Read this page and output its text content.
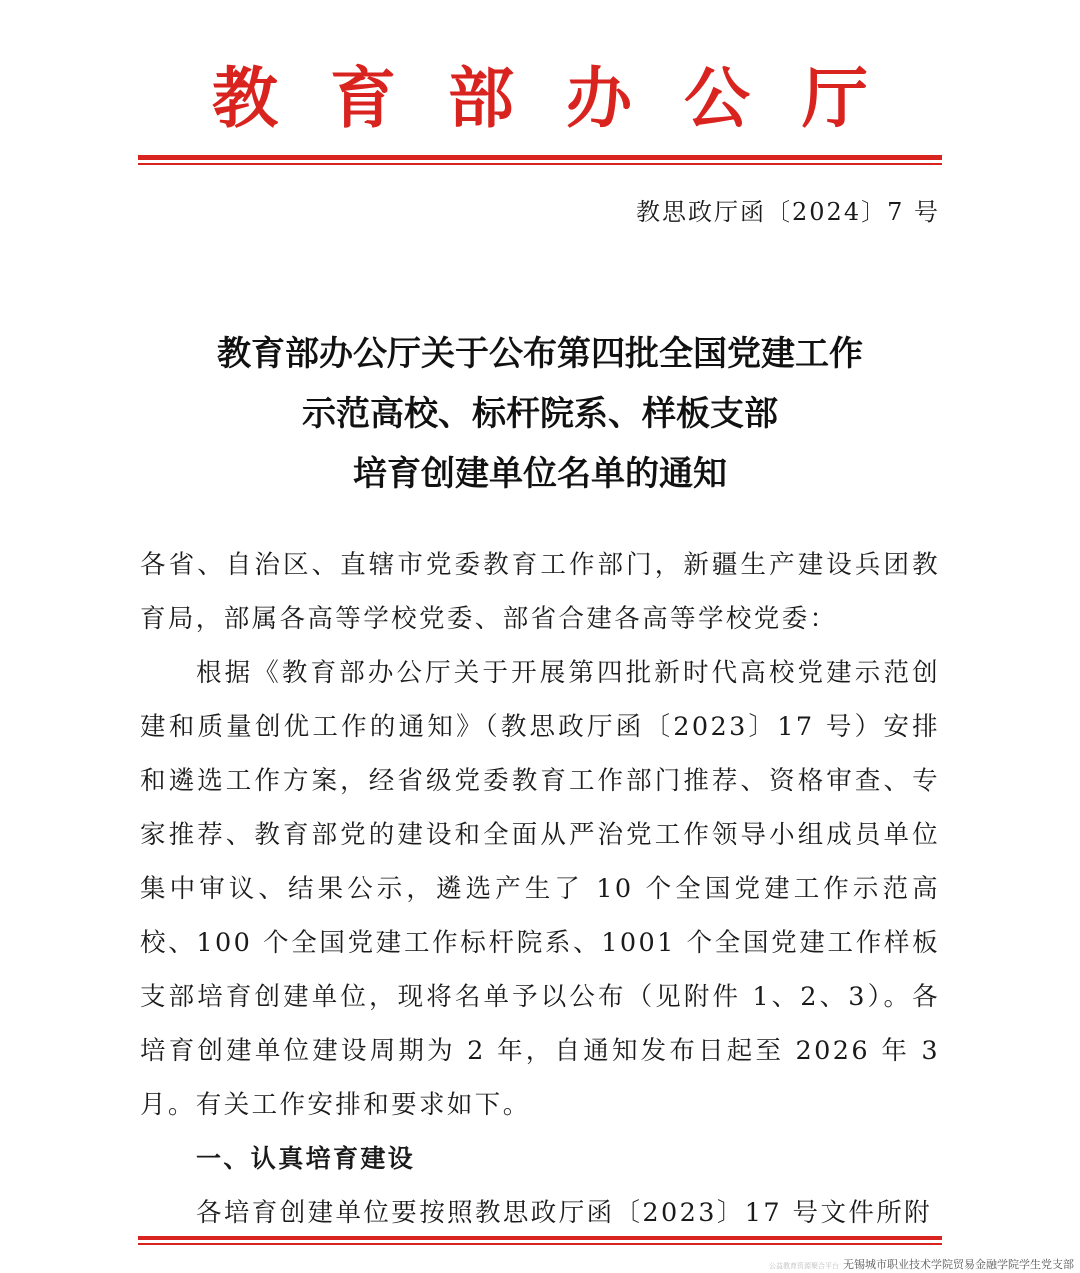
教育部办公厅
教思政厅函〔2024〕7 号
教育部办公厅关于公布第四批全国党建工作
示范高校、标杆院系、样板支部
培育创建单位名单的通知

各省、自治区、直辖市党委教育工作部门，新疆生产建设兵团教育局，部属各高等学校党委、部省合建各高等学校党委：

根据《教育部办公厅关于开展第四批新时代高校党建示范创建和质量创优工作的通知》（教思政厅函〔2023〕17 号）安排和遴选工作方案，经省级党委教育工作部门推荐、资格审查、专家推荐、教育部党的建设和全面从严治党工作领导小组成员单位集中审议、结果公示，遴选产生了 10 个全国党建工作示范高校、100 个全国党建工作标杆院系、1001 个全国党建工作样板支部培育创建单位，现将名单予以公布（见附件 1、2、3）。各培育创建单位建设周期为 2 年，自通知发布日起至 2026 年 3 月。有关工作安排和要求如下。

一、认真培育建设

各培育创建单位要按照教思政厅函〔2023〕17 号文件所附

公益教育资源聚合平台 无锡城市职业技术学院贸易金融学院学生党支部
